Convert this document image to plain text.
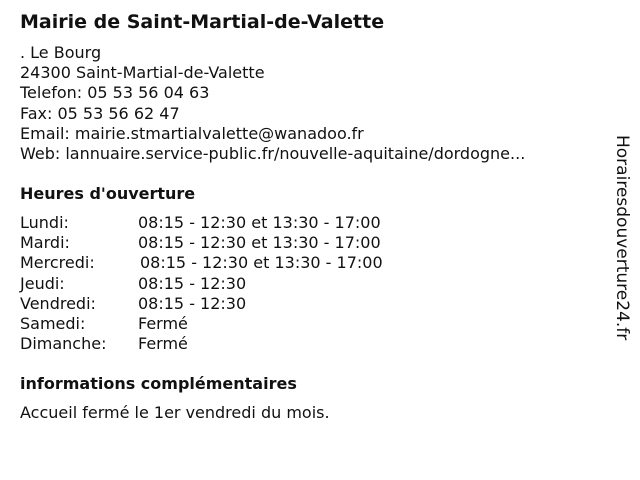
Mairie de Saint-Martial-de-Valette
. Le Bourg
24300 Saint-Martial-de-Valette
Telefon: 05 53 56 04 63
Fax: 05 53 56 62 47
Email: mairie.stmartialvalette@wanadoo.fr
Web: lannuaire.service-public.fr/nouvelle-aquitaine/dordogne...
Heures d'ouverture
Lundi:	08:15 - 12:30 et 13:30 - 17:00
Mardi:	08:15 - 12:30 et 13:30 - 17:00
Mercredi:	08:15 - 12:30 et 13:30 - 17:00
Jeudi:	08:15 - 12:30
Vendredi:	08:15 - 12:30
Samedi:	Fermé
Dimanche: Fermé
informations complémentaires
Accueil fermé le 1er vendredi du mois.
Horairesdouverture24.fr
